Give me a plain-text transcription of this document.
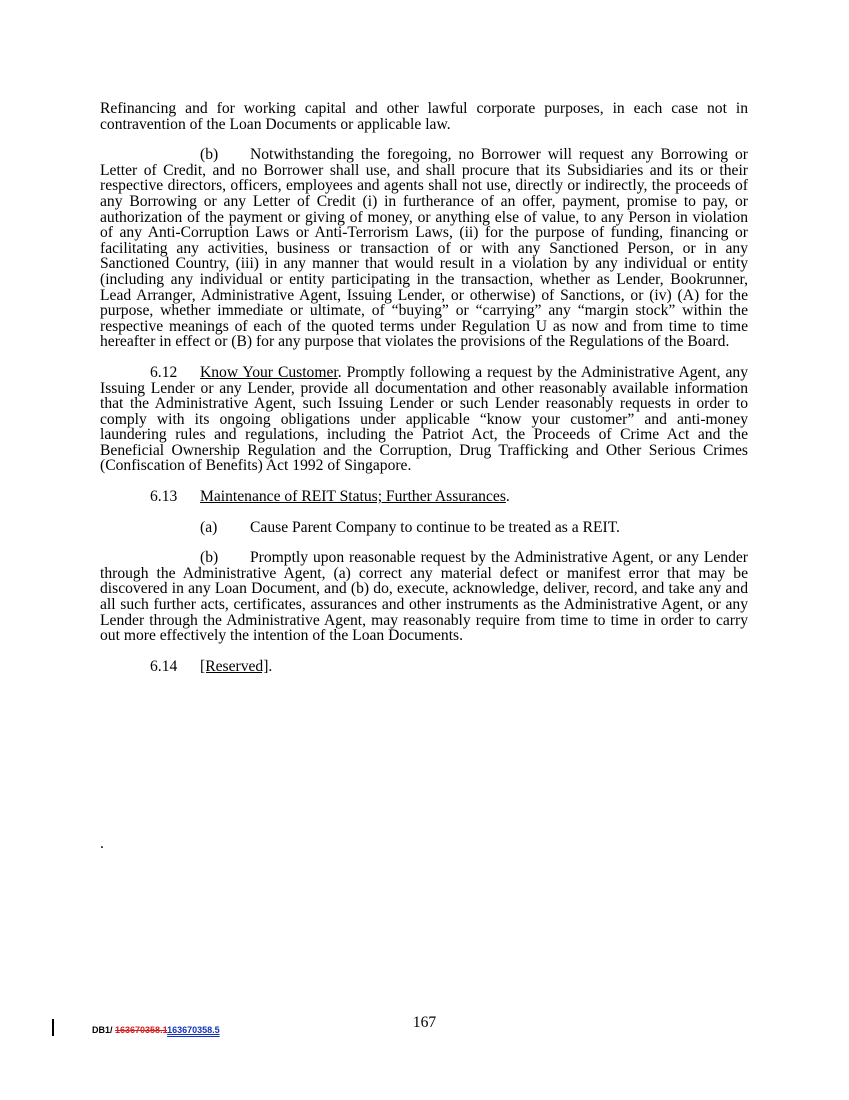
Refinancing and for working capital and other lawful corporate purposes, in each case not in contravention of the Loan Documents or applicable law.

(b) Notwithstanding the foregoing, no Borrower will request any Borrowing or Letter of Credit, and no Borrower shall use, and shall procure that its Subsidiaries and its or their respective directors, officers, employees and agents shall not use, directly or indirectly, the proceeds of any Borrowing or any Letter of Credit (i) in furtherance of an offer, payment, promise to pay, or authorization of the payment or giving of money, or anything else of value, to any Person in violation of any Anti-Corruption Laws or Anti-Terrorism Laws, (ii) for the purpose of funding, financing or facilitating any activities, business or transaction of or with any Sanctioned Person, or in any Sanctioned Country, (iii) in any manner that would result in a violation by any individual or entity (including any individual or entity participating in the transaction, whether as Lender, Bookrunner, Lead Arranger, Administrative Agent, Issuing Lender, or otherwise) of Sanctions, or (iv) (A) for the purpose, whether immediate or ultimate, of “buying” or “carrying” any “margin stock” within the respective meanings of each of the quoted terms under Regulation U as now and from time to time hereafter in effect or (B) for any purpose that violates the provisions of the Regulations of the Board.

6.12 Know Your Customer. Promptly following a request by the Administrative Agent, any Issuing Lender or any Lender, provide all documentation and other reasonably available information that the Administrative Agent, such Issuing Lender or such Lender reasonably requests in order to comply with its ongoing obligations under applicable “know your customer” and anti-money laundering rules and regulations, including the Patriot Act, the Proceeds of Crime Act and the Beneficial Ownership Regulation and the Corruption, Drug Trafficking and Other Serious Crimes (Confiscation of Benefits) Act 1992 of Singapore.

6.13 Maintenance of REIT Status; Further Assurances.

(a) Cause Parent Company to continue to be treated as a REIT.

(b) Promptly upon reasonable request by the Administrative Agent, or any Lender through the Administrative Agent, (a) correct any material defect or manifest error that may be discovered in any Loan Document, and (b) do, execute, acknowledge, deliver, record, and take any and all such further acts, certificates, assurances and other instruments as the Administrative Agent, or any Lender through the Administrative Agent, may reasonably require from time to time in order to carry out more effectively the intention of the Loan Documents.

6.14 [Reserved].

.
DB1/ 163670358.1163670358.5	167
